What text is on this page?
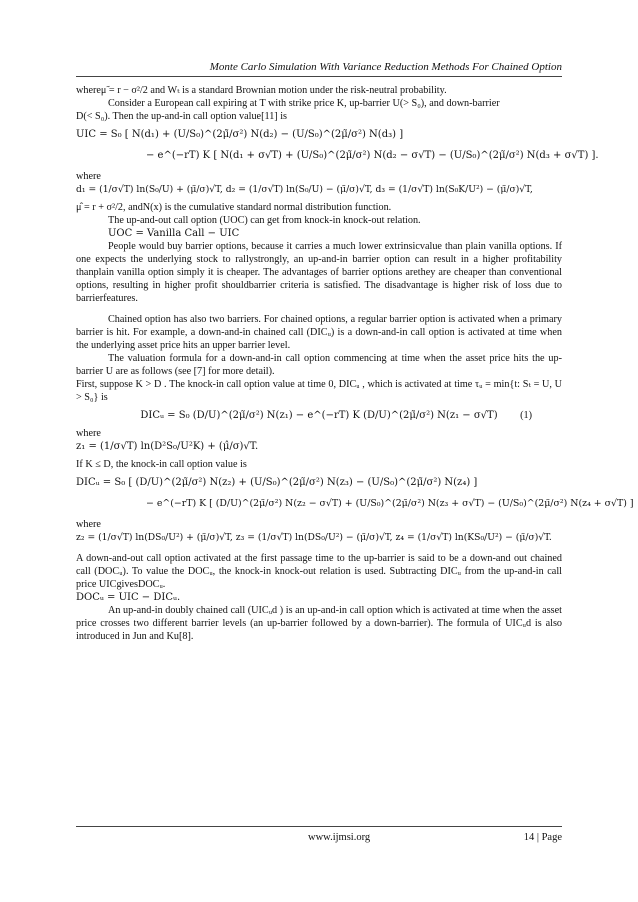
Monte Carlo Simulation With Variance Reduction Methods For Chained Option

whereμ̃ = r − σ²/2 and Wₜ is a standard Brownian motion under the risk-neutral probability.

Consider a European call expiring at T with strike price K, up-barrier U(> S₀), and down-barrier

D(< S₀). Then the up-and-in call option value[11] is

UIC = S₀ [ N(d₁) + (U/S₀)^(2μ̃/σ²) N(d₂) − (U/S₀)^(2μ̃/σ²) N(d₃) ]
− e^(−rT) K [ N(d₁ + σ√T) + (U/S₀)^(2μ̃/σ²) N(d₂ − σ√T) − (U/S₀)^(2μ̃/σ²) N(d₃ + σ√T) ].

where

d₁ = (1/σ√T) ln(S₀/U) + (μ̃/σ)√T, d₂ = (1/σ√T) ln(S₀/U) − (μ̃/σ)√T, d₃ = (1/σ√T) ln(S₀K/U²) − (μ̃/σ)√T,

μ̂ = r + σ²/2, andN(x) is the cumulative standard normal distribution function.

The up-and-out call option (UOC) can get from knock-in knock-out relation.

UOC = Vanilla Call − UIC

People would buy barrier options, because it carries a much lower extrinsicvalue than plain vanilla options. If one expects the underlying stock to rallystrongly, an up-and-in barrier option can result in a higher profitability thanplain vanilla option simply it is cheaper. The advantages of barrier options arethey are cheaper than conventional options, resulting in higher profit shouldbarrier criteria is satisfied. The disadvantage is higher risk of loss due to barrierfeatures.

Chained option has also two barriers. For chained options, a regular barrier option is activated when a primary barrier is hit. For example, a down-and-in chained call (DICᵤ) is a down-and-in call option is activated at time when the underlying asset price hits an upper barrier level.

The valuation formula for a down-and-in call option commencing at time when the asset price hits the up-barrier U are as follows (see [7] for more detail).

First, suppose K > D . The knock-in call option value at time 0, DICᵤ , which is activated at time τᵤ = min{t: Sₜ = U, U > S₀} is

DICᵤ = S₀ (D/U)^(2μ̃/σ²) N(z₁) − e^(−rT) K (D/U)^(2μ̃/σ²) N(z₁ − σ√T)	(1)

where

z₁ = (1/σ√T) ln(D²S₀/U²K) + (μ̂/σ)√T.

If K ≤ D, the knock-in call option value is

DICᵤ = S₀ [ (D/U)^(2μ̃/σ²) N(z₂) + (U/S₀)^(2μ̃/σ²) N(z₃) − (U/S₀)^(2μ̃/σ²) N(z₄) ]
− e^(−rT) K [ (D/U)^(2μ̃/σ²) N(z₂ − σ√T) + (U/S₀)^(2μ̃/σ²) N(z₃ + σ√T) − (U/S₀)^(2μ̃/σ²) N(z₄ + σ√T) ]

where

z₂ = (1/σ√T) ln(DS₀/U²) + (μ̃/σ)√T, z₃ = (1/σ√T) ln(DS₀/U²) − (μ̃/σ)√T, z₄ = (1/σ√T) ln(KS₀/U²) − (μ̃/σ)√T.

A down-and-out call option activated at the first passage time to the up-barrier is said to be a down-and out chained call (DOCᵤ). To value the DOCᵤ, the knock-in knock-out relation is used. Subtracting DICᵤ from the up-and-in call price UICgivesDOCᵤ.

DOCᵤ = UIC − DICᵤ.

An up-and-in doubly chained call (UICᵤd ) is an up-and-in call option which is activated at time when the asset price crosses two different barrier levels (an up-barrier followed by a down-barrier). The formula of UICᵤd is also introduced in Jun and Ku[8].

www.ijmsi.org	14 | Page
